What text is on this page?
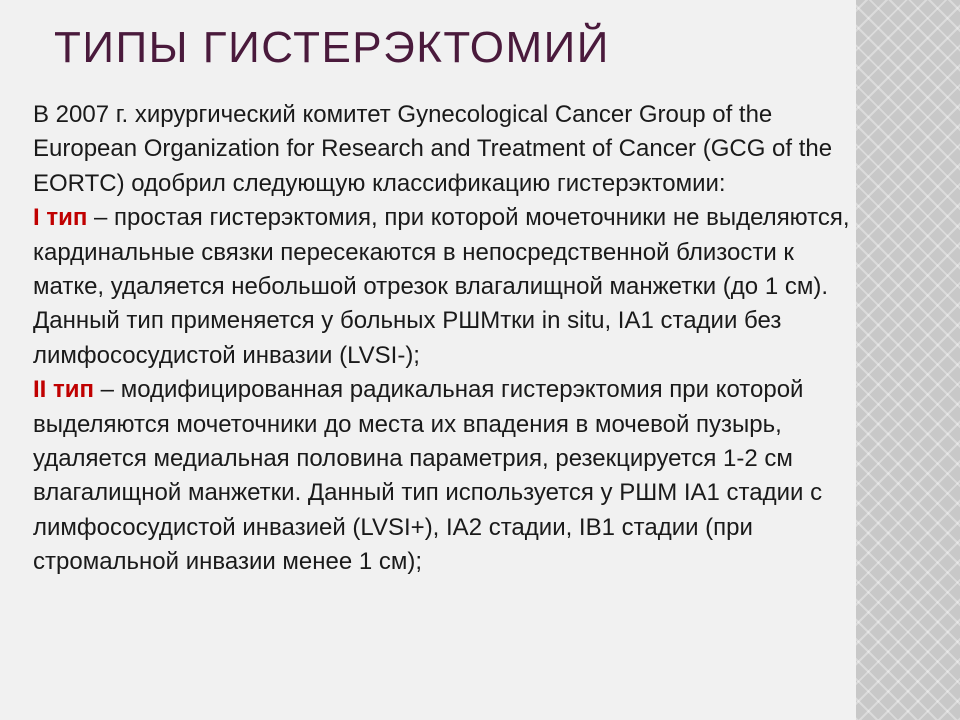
ТИПЫ ГИСТЕРЭКТОМИЙ

В 2007 г. хирургический комитет Gynecological Cancer Group of the European Organization for Research and Treatment of Cancer (GCG of the EORTC) одобрил следующую классификацию гистерэктомии:

I тип – простая гистерэктомия, при которой мочеточники не выделяются, кардинальные связки пересекаются в непосредственной близости к матке, удаляется небольшой отрезок влагалищной манжетки (до 1 см). Данный тип применяется у больных РШМтки in situ, IA1 стадии без лимфососудистой инвазии (LVSI-);

II тип – модифицированная радикальная гистерэктомия при которой выделяются мочеточники до места их впадения в мочевой пузырь, удаляется медиальная половина параметрия, резекцируется 1-2 см влагалищной манжетки. Данный тип используется у РШМ IA1 стадии с лимфососудистой инвазией (LVSI+), IA2 стадии, IB1 стадии (при стромальной инвазии менее 1 см);
